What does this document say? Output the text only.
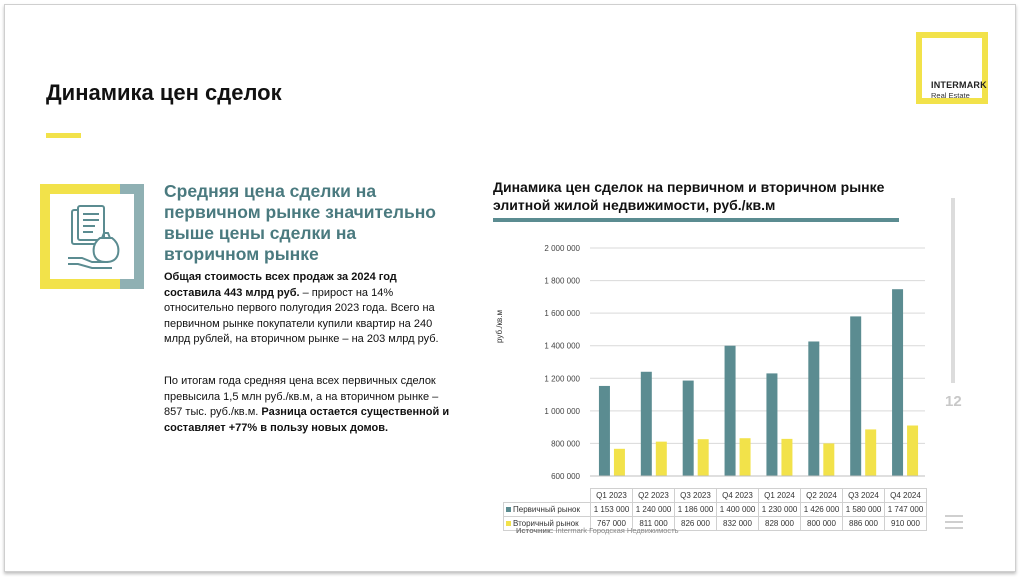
Динамика цен сделок	INTERMARK
Real Estate
Средняя цена сделки на первичном рынке значительно выше цены сделки на вторичном рынке
Общая стоимость всех продаж за 2024 год составила 443 млрд руб. – прирост на 14% относительно первого полугодия 2023 года. Всего на первичном рынке покупатели купили квартир на 240 млрд рублей, на вторичном рынке – на 203 млрд руб.
По итогам года средняя цена всех первичных сделок превысила 1,5 млн руб./кв.м, а на вторичном рынке – 857 тыс. руб./кв.м. Разница остается существенной и составляет +77% в пользу новых домов.
Динамика цен сделок на первичном и вторичном рынке элитной жилой недвижимости, руб./кв.м
руб./кв.м
600 000
800 000
1 000 000
1 200 000
1 400 000
1 600 000
1 800 000
2 000 000
	Q1 2023	Q2 2023	Q3 2023	Q4 2023	Q1 2024	Q2 2024	Q3 2024	Q4 2024
Первичный рынок	1 153 000	1 240 000	1 186 000	1 400 000	1 230 000	1 426 000	1 580 000	1 747 000
Вторичный рынок	767 000	811 000	826 000	832 000	828 000	800 000	886 000	910 000
Источник: Intermark Городская Недвижимость
12
